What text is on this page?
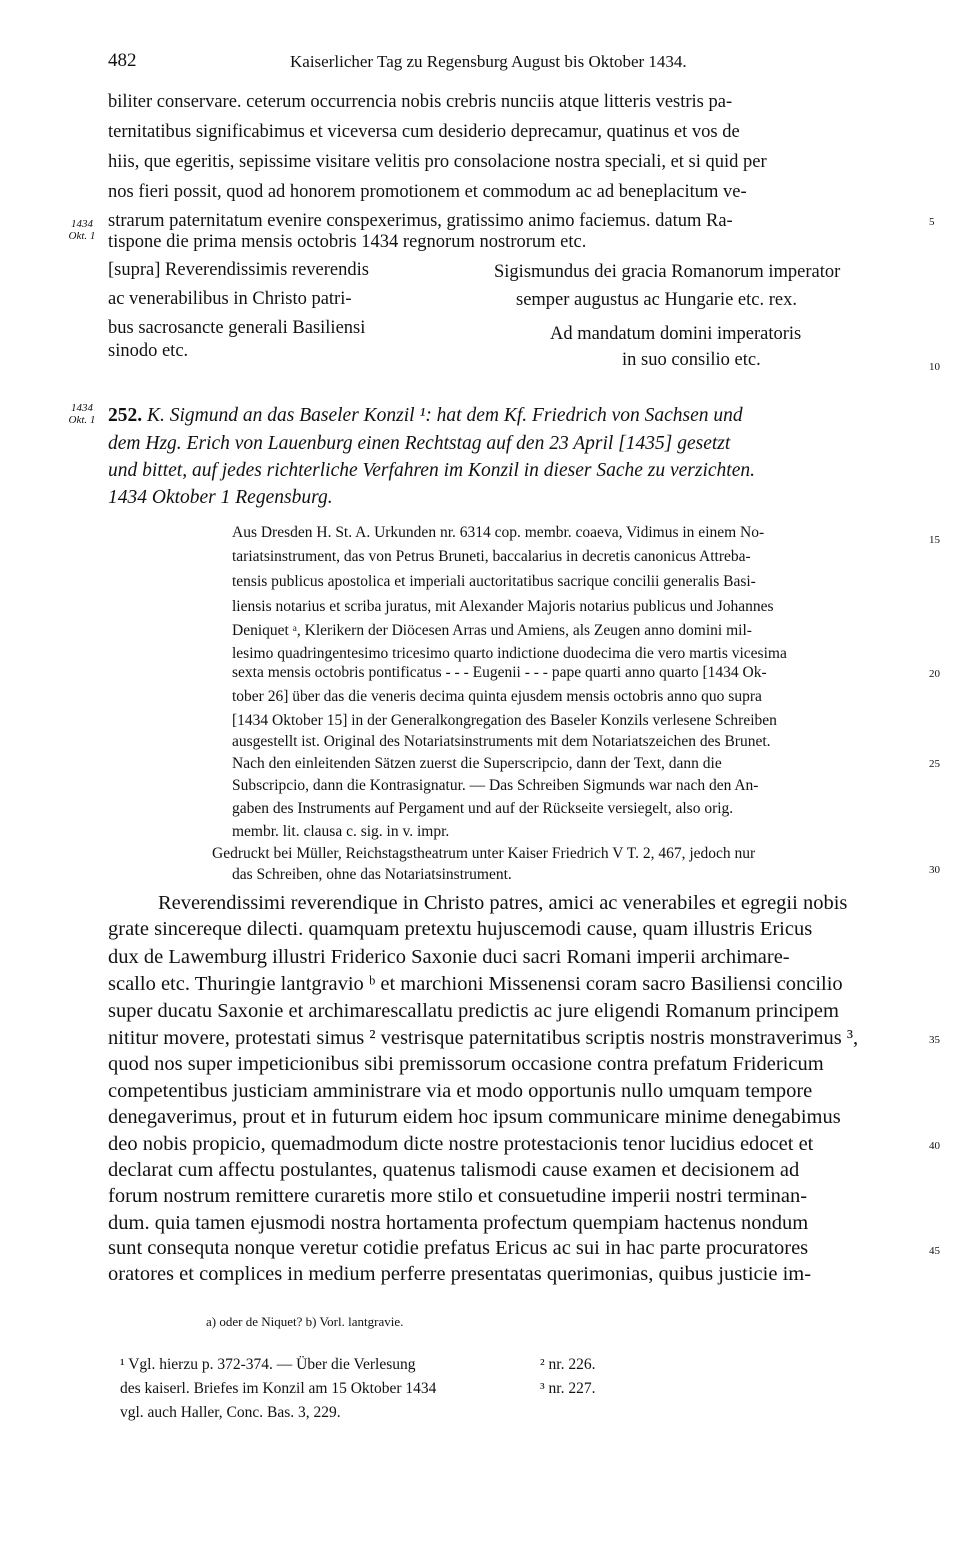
482	Kaiserlicher Tag zu Regensburg August bis Oktober 1434.
biliter conservare. ceterum occurrencia nobis crebris nunciis atque litteris vestris pa-
ternitatibus significabimus et viceversa cum desiderio deprecamur, quatinus et vos de
hiis, que egeritis, sepissime visitare velitis pro consolacione nostra speciali, et si quid per
nos fieri possit, quod ad honorem promotionem et commodum ac ad beneplacitum ve-
strarum paternitatum evenire conspexerimus, gratissimo animo faciemus. datum Ra-
tispone die prima mensis octobris 1434 regnorum nostrorum etc.
[supra] Reverendissimis reverendis
ac venerabilibus in Christo patri-
bus sacrosancte generali Basiliensi
sinodo etc.
Sigismundus dei gracia Romanorum imperator
semper augustus ac Hungarie etc. rex.
Ad mandatum domini imperatoris
in suo consilio etc.
1434
Okt. 1
1434
Okt. 1
5
10
15
20
25
30
35
40
45
252. K. Sigmund an das Baseler Konzil ¹: hat dem Kf. Friedrich von Sachsen und
dem Hzg. Erich von Lauenburg einen Rechtstag auf den 23 April [1435] gesetzt
und bittet, auf jedes richterliche Verfahren im Konzil in dieser Sache zu verzichten.
1434 Oktober 1 Regensburg.
Aus Dresden H. St. A. Urkunden nr. 6314 cop. membr. coaeva, Vidimus in einem No-
tariatsinstrument, das von Petrus Bruneti, baccalarius in decretis canonicus Attreba-
tensis publicus apostolica et imperiali auctoritatibus sacrique concilii generalis Basi-
liensis notarius et scriba juratus, mit Alexander Majoris notarius publicus und Johannes
Deniquet ᵃ, Klerikern der Diöcesen Arras und Amiens, als Zeugen anno domini mil-
lesimo quadringentesimo tricesimo quarto indictione duodecima die vero martis vicesima
sexta mensis octobris pontificatus - - - Eugenii - - - pape quarti anno quarto [1434 Ok-
tober 26] über das die veneris decima quinta ejusdem mensis octobris anno quo supra
[1434 Oktober 15] in der Generalkongregation des Baseler Konzils verlesene Schreiben
ausgestellt ist. Original des Notariatsinstruments mit dem Notariatszeichen des Brunet.
Nach den einleitenden Sätzen zuerst die Superscripcio, dann der Text, dann die
Subscripcio, dann die Kontrasignatur. — Das Schreiben Sigmunds war nach den An-
gaben des Instruments auf Pergament und auf der Rückseite versiegelt, also orig.
membr. lit. clausa c. sig. in v. impr.
Gedruckt bei Müller, Reichstagstheatrum unter Kaiser Friedrich V T. 2, 467, jedoch nur
das Schreiben, ohne das Notariatsinstrument.
Reverendissimi reverendique in Christo patres, amici ac venerabiles et egregii nobis
grate sincereque dilecti. quamquam pretextu hujuscemodi cause, quam illustris Ericus
dux de Lawemburg illustri Friderico Saxonie duci sacri Romani imperii archimare-
scallo etc. Thuringie lantgravio ᵇ et marchioni Missenensi coram sacro Basiliensi concilio
super ducatu Saxonie et archimarescallatu predictis ac jure eligendi Romanum principem
nititur movere, protestati simus ² vestrisque paternitatibus scriptis nostris monstraverimus ³,
quod nos super impeticionibus sibi premissorum occasione contra prefatum Fridericum
competentibus justiciam amministrare via et modo opportunis nullo umquam tempore
denegaverimus, prout et in futurum eidem hoc ipsum communicare minime denegabimus
deo nobis propicio, quemadmodum dicte nostre protestacionis tenor lucidius edocet et
declarat cum affectu postulantes, quatenus talismodi cause examen et decisionem ad
forum nostrum remittere curaretis more stilo et consuetudine imperii nostri terminan-
dum. quia tamen ejusmodi nostra hortamenta profectum quempiam hactenus nondum
sunt consequta nonque veretur cotidie prefatus Ericus ac sui in hac parte procuratores
oratores et complices in medium perferre presentatas querimonias, quibus justicie im-
a) oder de Niquet? b) Vorl. lantgravie.
¹ Vgl. hierzu p. 372-374. — Über die Verlesung
des kaiserl. Briefes im Konzil am 15 Oktober 1434
vgl. auch Haller, Conc. Bas. 3, 229.
² nr. 226.
³ nr. 227.
